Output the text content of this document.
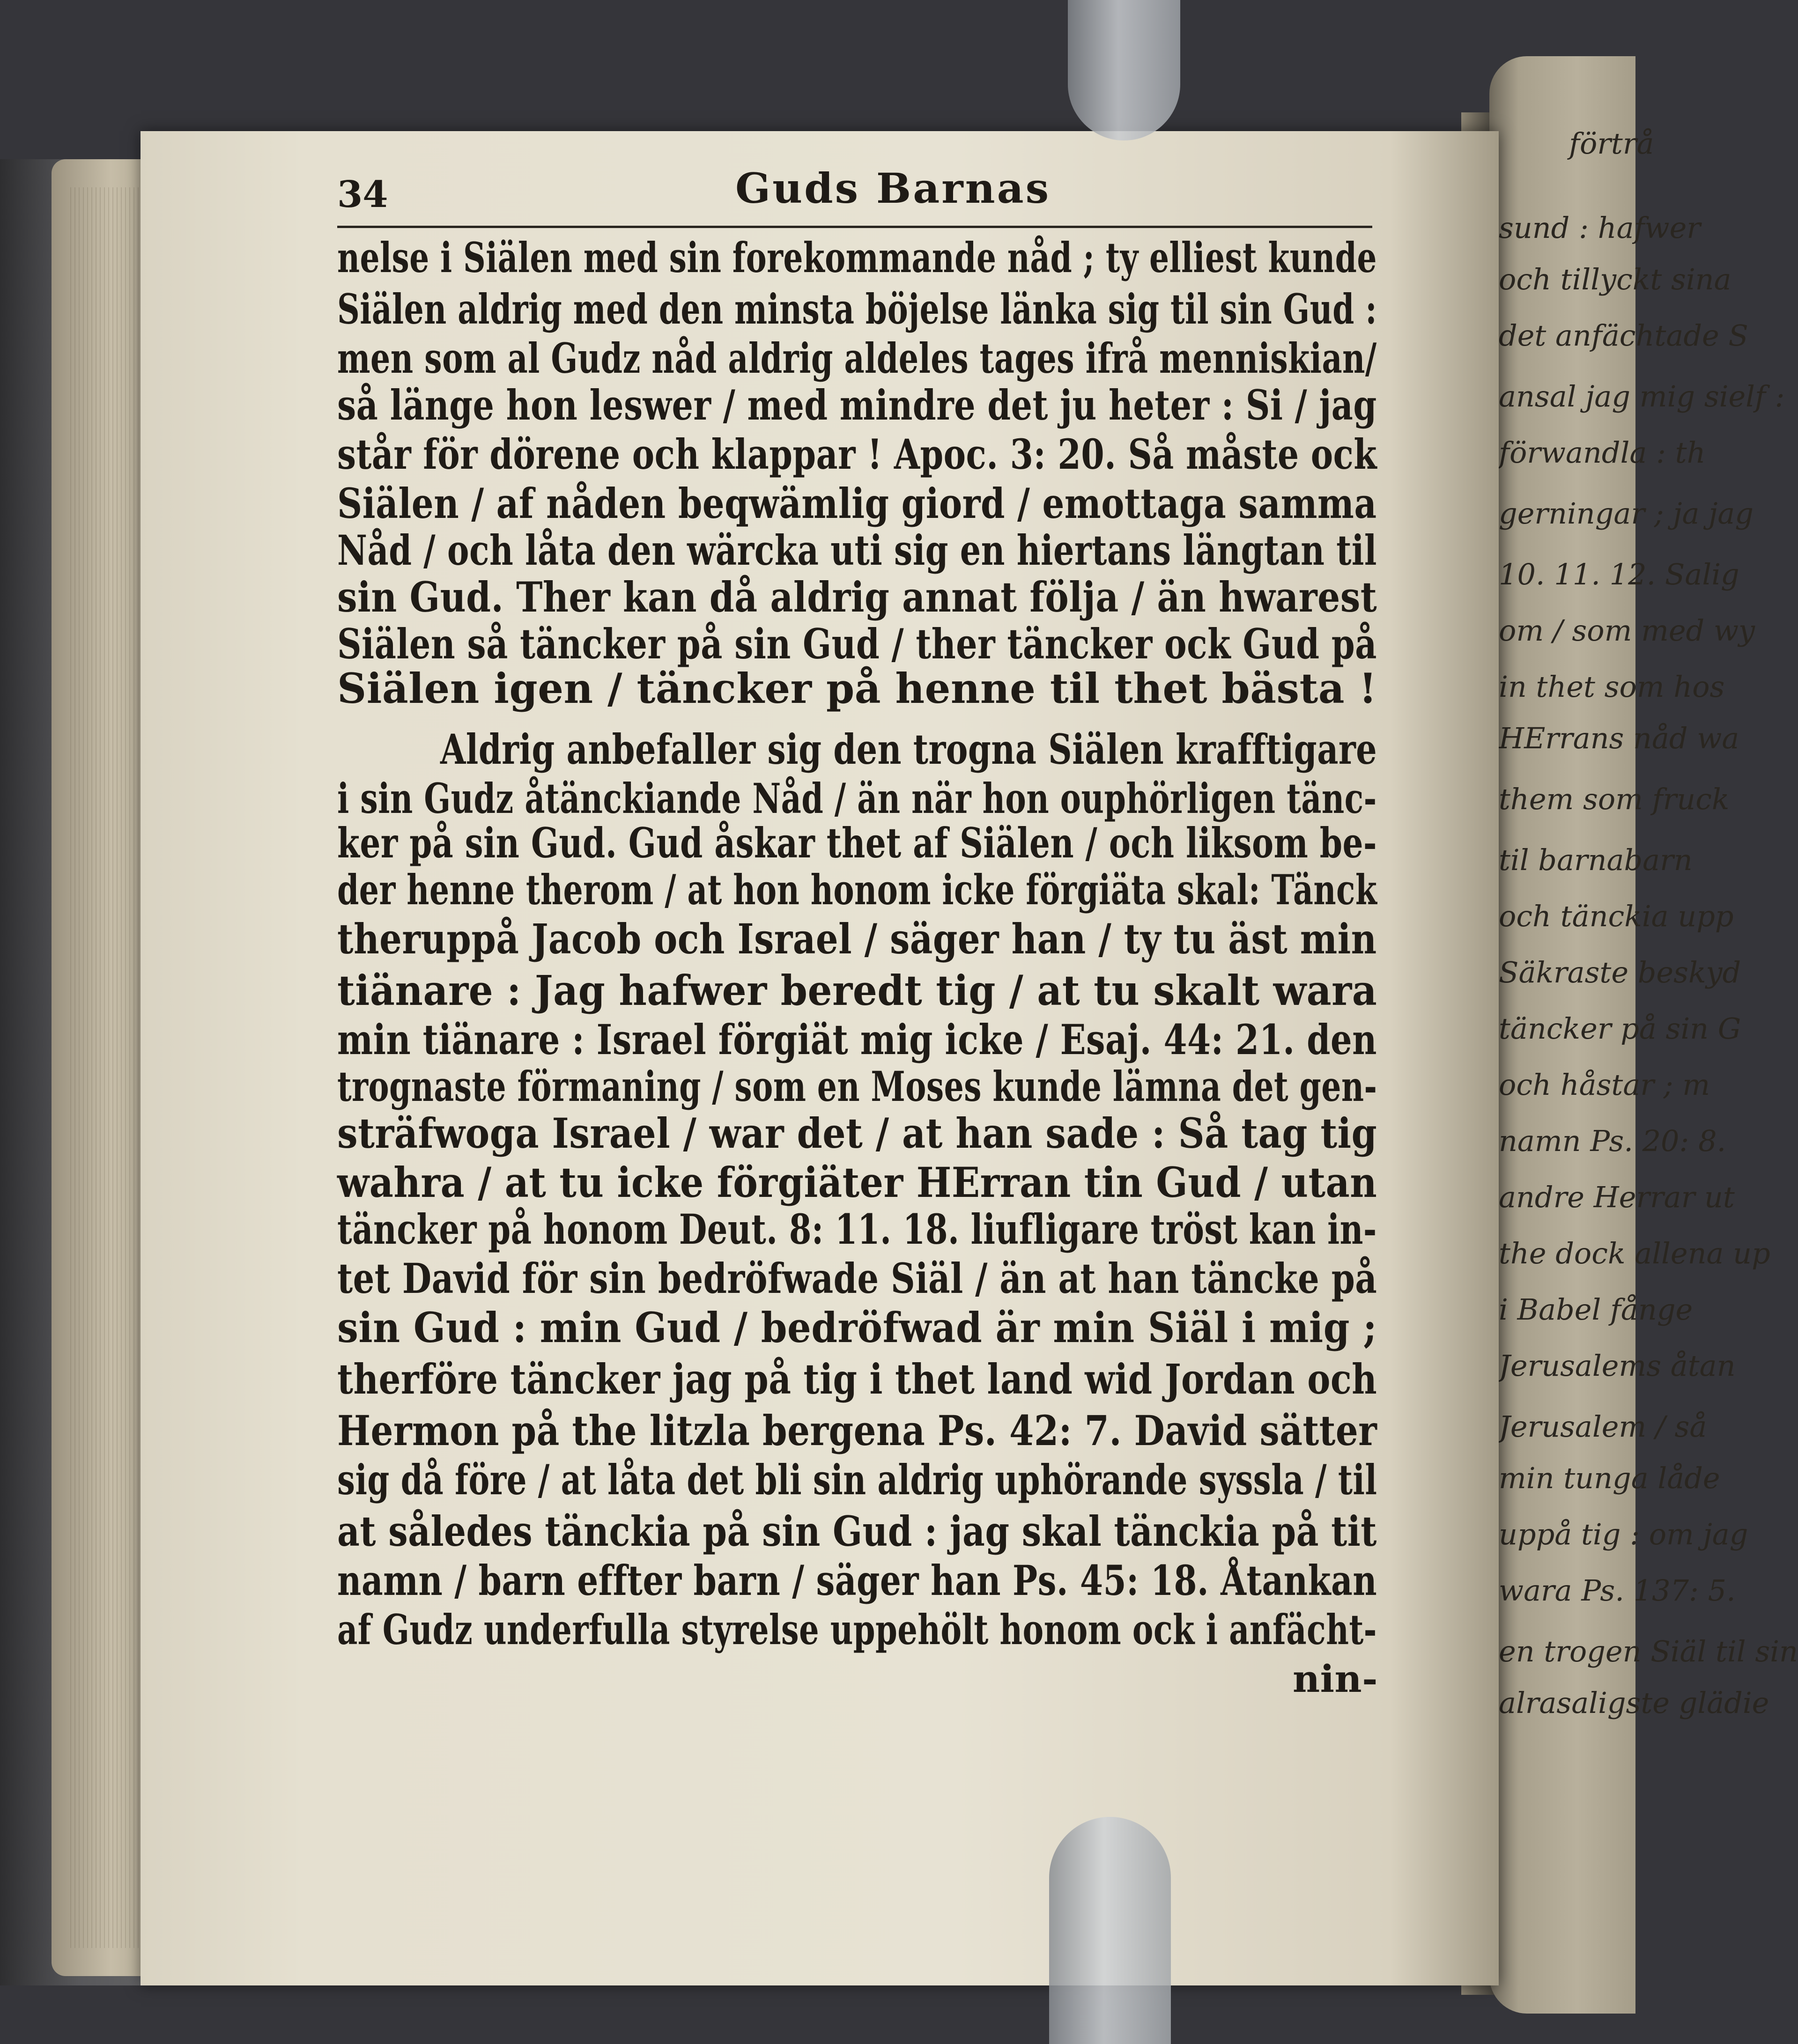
förtrå
sund : hafwer
och tillyckt sina
det anfächtade S
ansal jag mig sielf :
förwandla : th
gerningar ; ja jag
10. 11. 12. Salig
om / som med wy
in thet som hos
HErrans nåd wa
them som fruck
til barnabarn
och tänckia upp
Säkraste beskyd
täncker på sin G
och håstar ; m
namn Ps. 20: 8.
andre Herrar ut
the dock allena up
i Babel fånge
Jerusalems åtan
Jerusalem / så
min tunga låde
uppå tig : om jag
wara Ps. 137: 5.
en trogen Siäl til sin
alrasaligste glädie
34	Guds Barnas
nelse i Siälen med sin forekommande nåd ; ty elliest kunde
Siälen aldrig med den minsta böjelse länka sig til sin Gud :
men som al Gudz nåd aldrig aldeles tages ifrå menniskian/
så länge hon leswer / med mindre det ju heter : Si / jag
står för dörene och klappar ! Apoc. 3: 20. Så måste ock
Siälen / af nåden beqwämlig giord / emottaga samma
Nåd / och låta den wärcka uti sig en hiertans längtan til
sin Gud. Ther kan då aldrig annat följa / än hwarest
Siälen så täncker på sin Gud / ther täncker ock Gud på
Siälen igen / täncker på henne til thet bästa !
Aldrig anbefaller sig den trogna Siälen krafftigare
i sin Gudz åtänckiande Nåd / än när hon ouphörligen tänc-
ker på sin Gud. Gud åskar thet af Siälen / och liksom be-
der henne therom / at hon honom icke förgiäta skal: Tänck
theruppå Jacob och Israel / säger han / ty tu äst min
tiänare : Jag hafwer beredt tig / at tu skalt wara
min tiänare : Israel förgiät mig icke / Esaj. 44: 21. den
trognaste förmaning / som en Moses kunde lämna det gen-
sträfwoga Israel / war det / at han sade : Så tag tig
wahra / at tu icke förgiäter HErran tin Gud / utan
täncker på honom Deut. 8: 11. 18. liufligare tröst kan in-
tet David för sin bedröfwade Siäl / än at han täncke på
sin Gud : min Gud / bedröfwad är min Siäl i mig ;
therföre täncker jag på tig i thet land wid Jordan och
Hermon på the litzla bergena Ps. 42: 7. David sätter
sig då före / at låta det bli sin aldrig uphörande syssla / til
at således tänckia på sin Gud : jag skal tänckia på tit
namn / barn effter barn / säger han Ps. 45: 18. Åtankan
af Gudz underfulla styrelse uppehölt honom ock i anfächt-
nin-
